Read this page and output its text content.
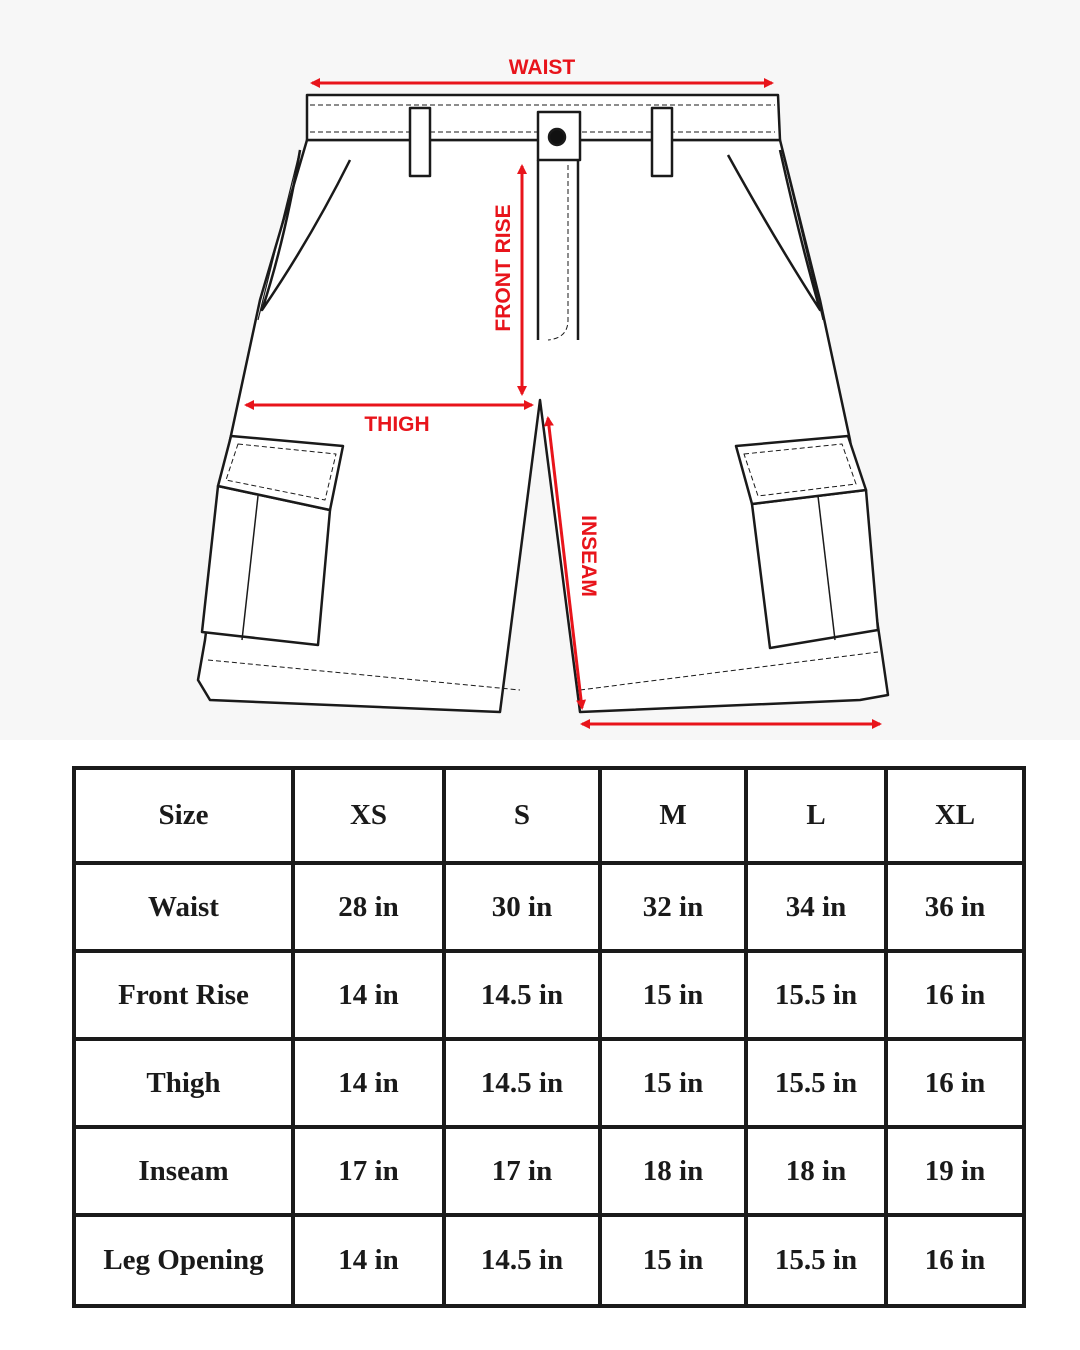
WAIST
FRONT RISE
THIGH
INSEAM
Size	XS	S	M	L	XL
Waist	28 in	30 in	32 in	34 in	36 in
Front Rise	14 in	14.5 in	15 in	15.5 in	16 in
Thigh	14 in	14.5 in	15 in	15.5 in	16 in
Inseam	17 in	17 in	18 in	18 in	19 in
Leg Opening	14 in	14.5 in	15 in	15.5 in	16 in
